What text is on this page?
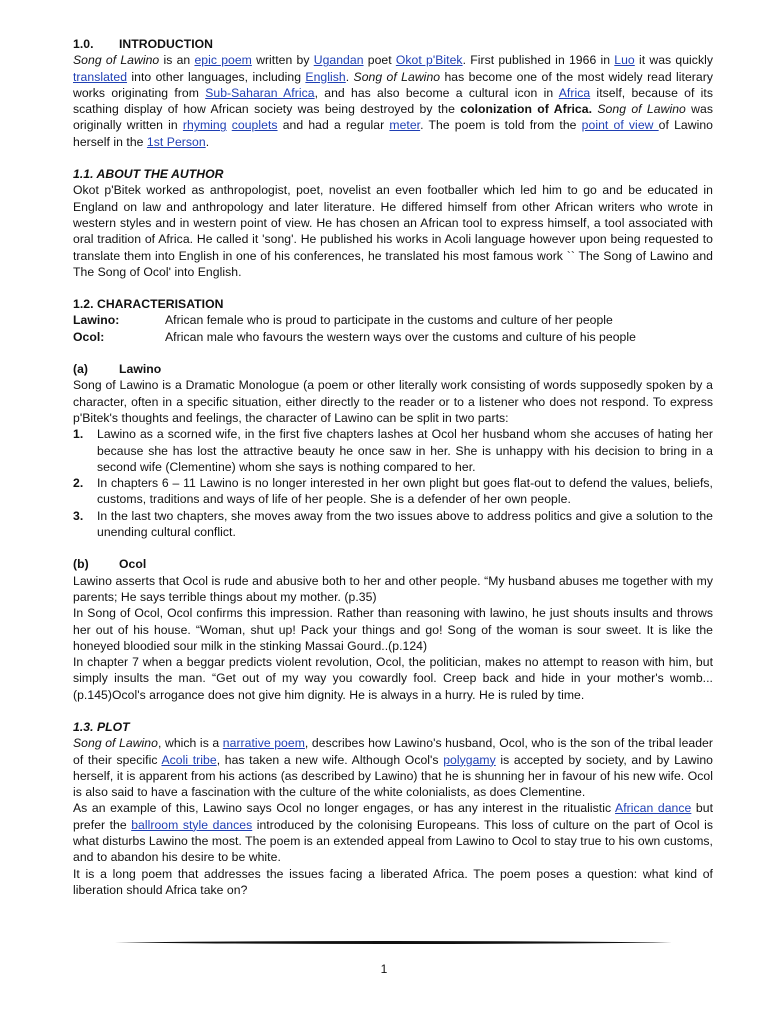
1.0. INTRODUCTION

Song of Lawino is an epic poem written by Ugandan poet Okot p'Bitek. First published in 1966 in Luo it was quickly translated into other languages, including English. Song of Lawino has become one of the most widely read literary works originating from Sub-Saharan Africa, and has also become a cultural icon in Africa itself, because of its scathing display of how African society was being destroyed by the colonization of Africa. Song of Lawino was originally written in rhyming couplets and had a regular meter. The poem is told from the point of view of Lawino herself in the 1st Person.

1.1. ABOUT THE AUTHOR

Okot p'Bitek worked as anthropologist, poet, novelist an even footballer which led him to go and be educated in England on law and anthropology and later literature. He differed himself from other African writers who wrote in western styles and in western point of view. He has chosen an African tool to express himself, a tool associated with oral tradition of Africa. He called it 'song'. He published his works in Acoli language however upon being requested to translate them into English in one of his conferences, he translated his most famous work `` The Song of Lawino and The Song of Ocol' into English.

1.2. CHARACTERISATION

Lawino:	African female who is proud to participate in the customs and culture of her people
Ocol:	African male who favours the western ways over the customs and culture of his people

(a)	Lawino

Song of Lawino is a Dramatic Monologue (a poem or other literally work consisting of words supposedly spoken by a character, often in a specific situation, either directly to the reader or to a listener who does not respond. To express p'Bitek's thoughts and feelings, the character of Lawino can be split in two parts:

1.	Lawino as a scorned wife, in the first five chapters lashes at Ocol her husband whom she accuses of hating her because she has lost the attractive beauty he once saw in her. She is unhappy with his decision to bring in a second wife (Clementine) whom she says is nothing compared to her.
2.	In chapters 6 – 11 Lawino is no longer interested in her own plight but goes flat-out to defend the values, beliefs, customs, traditions and ways of life of her people. She is a defender of her own people.
3.	In the last two chapters, she moves away from the two issues above to address politics and give a solution to the unending cultural conflict.

(b) Ocol

Lawino asserts that Ocol is rude and abusive both to her and other people. “My husband abuses me together with my parents; He says terrible things about my mother. (p.35)

In Song of Ocol, Ocol confirms this impression. Rather than reasoning with lawino, he just shouts insults and throws her out of his house. “Woman, shut up! Pack your things and go! Song of the woman is sour sweet. It is like the honeyed bloodied sour milk in the stinking Massai Gourd..(p.124)

In chapter 7 when a beggar predicts violent revolution, Ocol, the politician, makes no attempt to reason with him, but simply insults the man. “Get out of my way you cowardly fool. Creep back and hide in your mother's womb...(p.145)Ocol's arrogance does not give him dignity. He is always in a hurry. He is ruled by time.

1.3. PLOT

Song of Lawino, which is a narrative poem, describes how Lawino's husband, Ocol, who is the son of the tribal leader of their specific Acoli tribe, has taken a new wife. Although Ocol's polygamy is accepted by society, and by Lawino herself, it is apparent from his actions (as described by Lawino) that he is shunning her in favour of his new wife. Ocol is also said to have a fascination with the culture of the white colonialists, as does Clementine.

As an example of this, Lawino says Ocol no longer engages, or has any interest in the ritualistic African dance but prefer the ballroom style dances introduced by the colonising Europeans. This loss of culture on the part of Ocol is what disturbs Lawino the most. The poem is an extended appeal from Lawino to Ocol to stay true to his own customs, and to abandon his desire to be white.

It is a long poem that addresses the issues facing a liberated Africa. The poem poses a question: what kind of liberation should Africa take on?

1
